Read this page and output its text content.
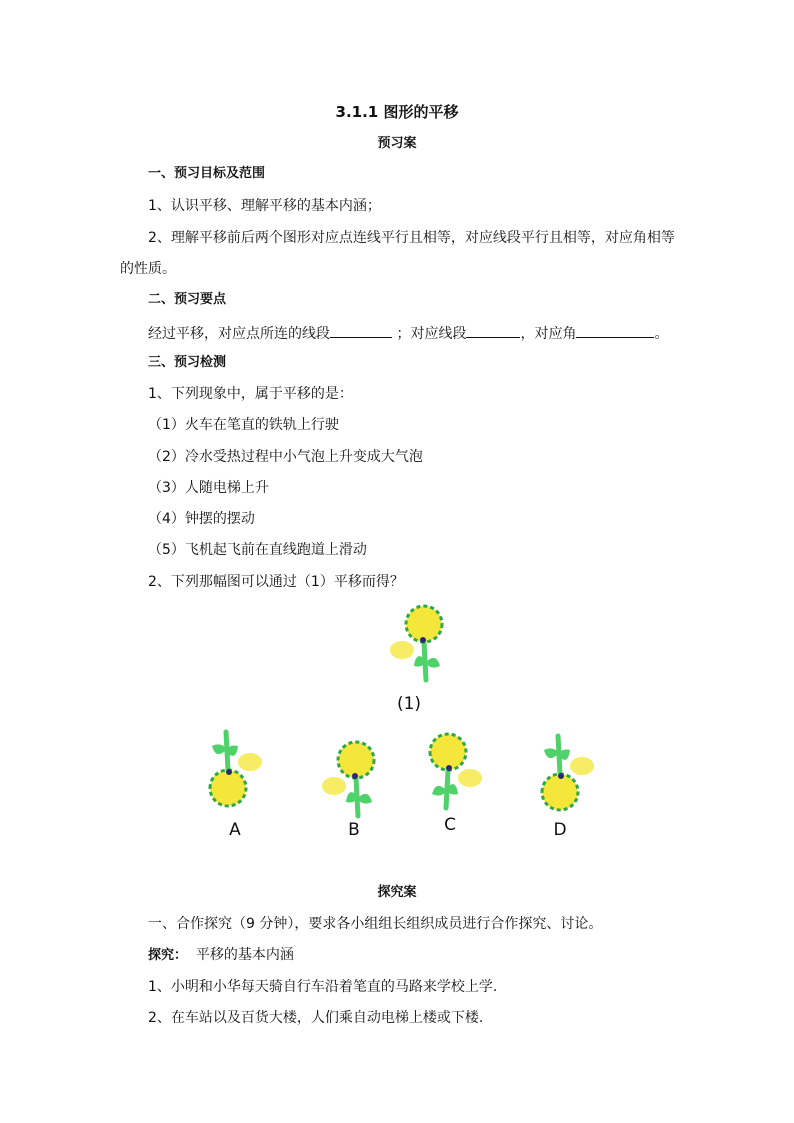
3.1.1 图形的平移
预习案
一、预习目标及范围
1、认识平移、理解平移的基本内涵；
2、理解平移前后两个图形对应点连线平行且相等，对应线段平行且相等，对应角相等
的性质。
二、预习要点
经过平移，对应点所连的线段	；对应线段	，对应角	。
三、预习检测
1、下列现象中，属于平移的是：
（1）火车在笔直的铁轨上行驶
（2）冷水受热过程中小气泡上升变成大气泡
（3）人随电梯上升
（4）钟摆的摆动
（5）飞机起飞前在直线跑道上滑动
2、下列那幅图可以通过（1）平移而得？
(1)
A	B	C	D
探究案
一、合作探究（9 分钟），要求各小组组长组织成员进行合作探究、讨论。
探究： 平移的基本内涵
1、小明和小华每天骑自行车沿着笔直的马路来学校上学.
2、在车站以及百货大楼，人们乘自动电梯上楼或下楼.
